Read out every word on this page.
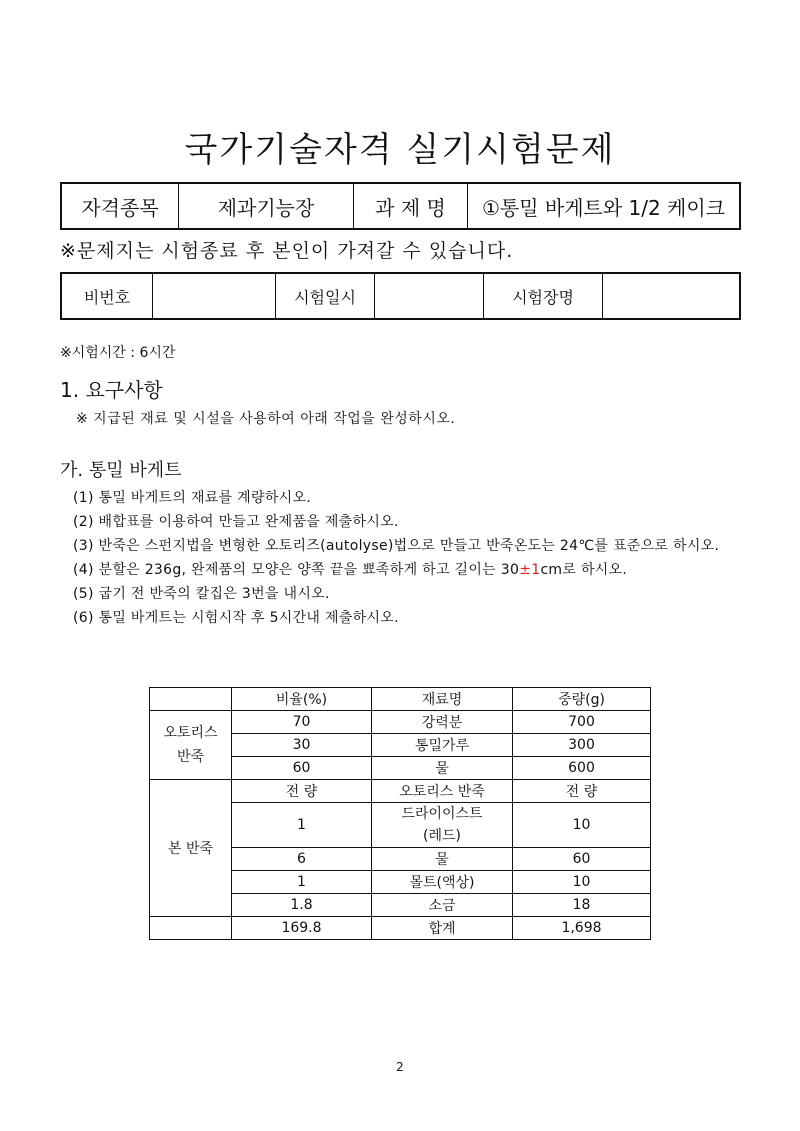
국가기술자격 실기시험문제
자격종목	제과기능장	과 제 명	①통밀 바게트와 1/2 케이크
※문제지는 시험종료 후 본인이 가져갈 수 있습니다.
비번호		시험일시		시험장명	
※시험시간 : 6시간
1. 요구사항
※ 지급된 재료 및 시설을 사용하여 아래 작업을 완성하시오.
가. 통밀 바게트
(1) 통밀 바게트의 재료를 계량하시오.
(2) 배합표를 이용하여 만들고 완제품을 제출하시오.
(3) 반죽은 스펀지법을 변형한 오토리즈(autolyse)법으로 만들고 반죽온도는 24℃를 표준으로 하시오.
(4) 분할은 236g, 완제품의 모양은 양쪽 끝을 뾰족하게 하고 길이는 30±1cm로 하시오.
(5) 굽기 전 반죽의 칼집은 3번을 내시오.
(6) 통밀 바게트는 시험시작 후 5시간내 제출하시오.
	비율(%)	재료명	중량(g)
오토리스 반죽	70	강력분	700
	30	통밀가루	300
	60	물	600
본 반죽	전 량	오토리스 반죽	전 량
	1	드라이이스트 (레드)	10
	6	물	60
	1	몰트(액상)	10
	1.8	소금	18
	169.8	합계	1,698
2
